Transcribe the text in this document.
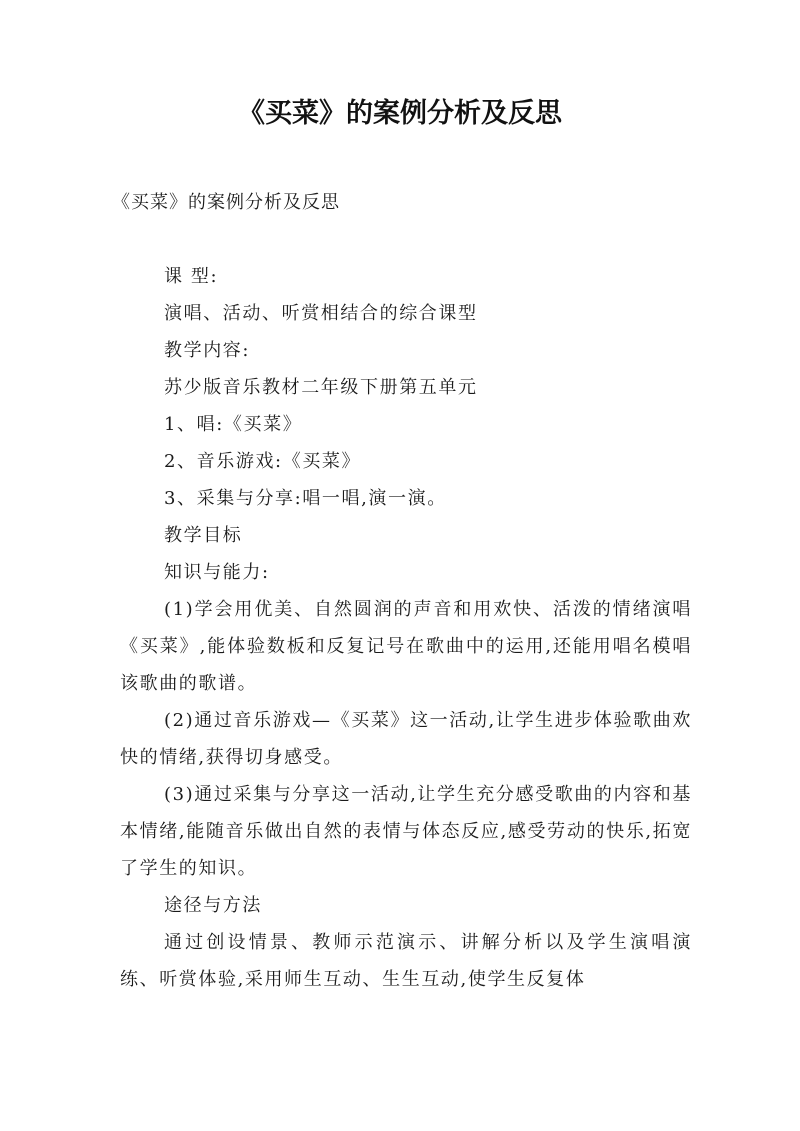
《买菜》的案例分析及反思
《买菜》的案例分析及反思

课 型:

演唱、活动、听赏相结合的综合课型

教学内容:

苏少版音乐教材二年级下册第五单元

1、唱:《买菜》

2、音乐游戏:《买菜》

3、采集与分享:唱一唱,演一演。

教学目标

知识与能力:

(1)学会用优美、自然圆润的声音和用欢快、活泼的情绪演唱《买菜》,能体验数板和反复记号在歌曲中的运用,还能用唱名模唱该歌曲的歌谱。

(2)通过音乐游戏—《买菜》这一活动,让学生进步体验歌曲欢快的情绪,获得切身感受。

(3)通过采集与分享这一活动,让学生充分感受歌曲的内容和基本情绪,能随音乐做出自然的表情与体态反应,感受劳动的快乐,拓宽了学生的知识。

途径与方法

通过创设情景、教师示范演示、讲解分析以及学生演唱演练、听赏体验,采用师生互动、生生互动,使学生反复体
